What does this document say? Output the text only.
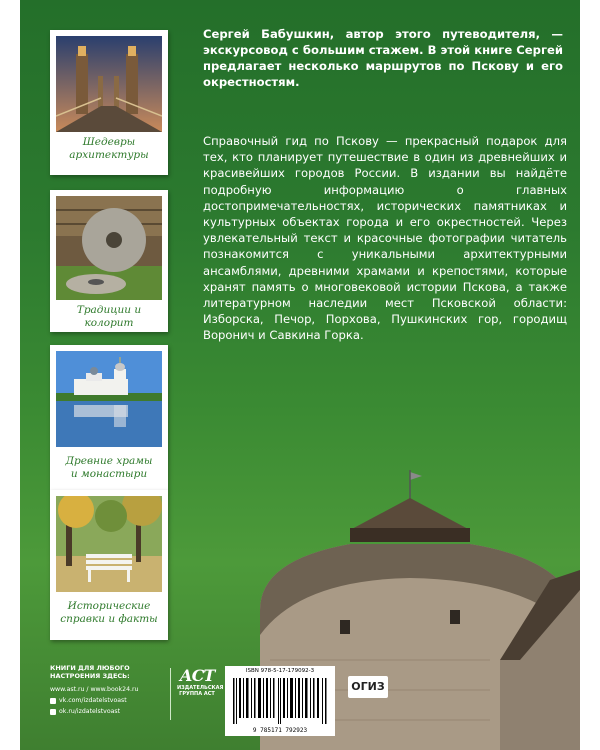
Шедевры
архитектуры
Традиции и колорит
Древние храмы
и монастыри
Исторические
справки и факты
Сергей Бабушкин, автор этого путеводителя, — экскурсовод с большим стажем. В этой книге Сергей предлагает несколько маршрутов по Пскову и его окрестностям.
Справочный гид по Пскову — прекрасный подарок для тех, кто планирует путешествие в один из древнейших и красивейших городов России. В издании вы найдёте подробную информацию о главных достопримечательностях, исторических памятниках и культурных объектах города и его окрестностей. Через увлекательный текст и красочные фотографии читатель познакомится с уникальными архитектурными ансамблями, древними храмами и крепостями, которые хранят память о многовековой истории Пскова, а также литературном наследии мест Псковской области: Изборска, Печор, Порхова, Пушкинских гор, городищ Воронич и Савкина Горка.
КНИГИ ДЛЯ ЛЮБОГО
НАСТРОЕНИЯ ЗДЕСЬ:
www.ast.ru / www.book24.ru
vk.com/izdatelstvoast
ok.ru/izdatelstvoast
АСТ
ИЗДАТЕЛЬСКАЯ
ГРУППА АСТ
ISBN 978-5-17-179092-3
9 785171 792923
ОГИЗ
